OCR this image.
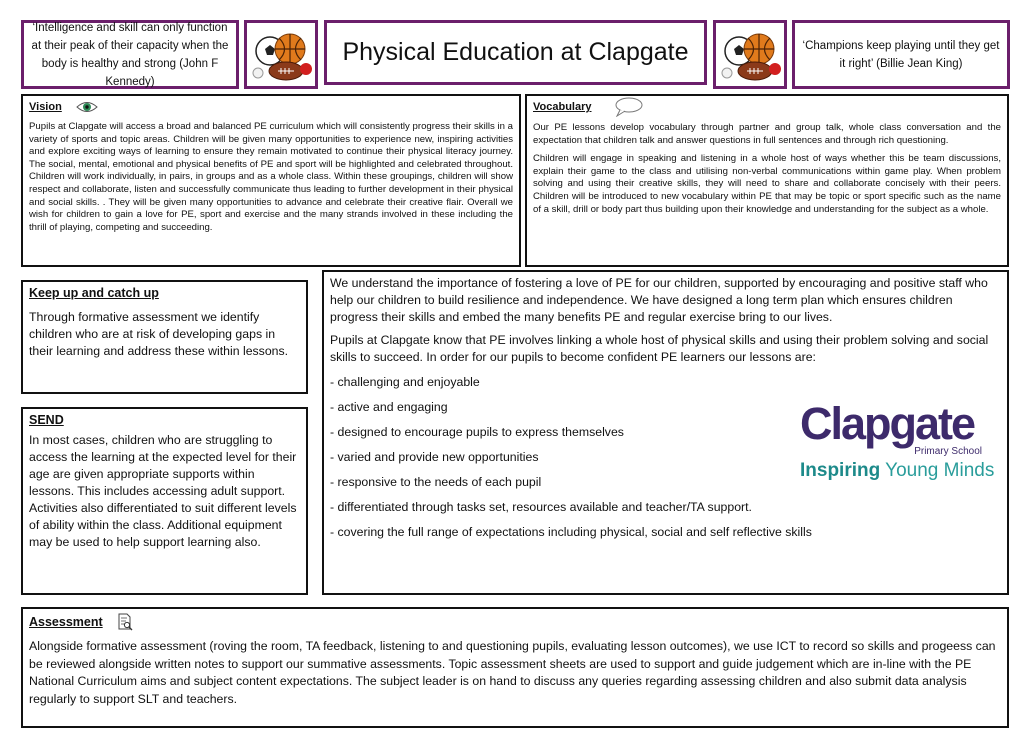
‘Intelligence and skill can only function at their peak of their capacity when the body is healthy and strong (John F Kennedy)
Physical Education at Clapgate	‘Champions keep playing until they get it right’ (Billie Jean King)
Vision
Pupils at Clapgate will access a broad and balanced PE curriculum which will consistently progress their skills in a variety of sports and topic areas. Children will be given many opportunities to experience new, inspiring activities and explore exciting ways of learning to ensure they remain motivated to continue their physical literacy journey. The social, mental, emotional and physical benefits of PE and sport will be highlighted and celebrated throughout. Children will work individually, in pairs, in groups and as a whole class. Within these groupings, children will show respect and collaborate, listen and successfully communicate thus leading to further development in their physical and social skills. . They will be given many opportunities to advance and celebrate their creative flair. Overall we wish for children to gain a love for PE, sport and exercise and the many strands involved in these including the thrill of playing, competing and succeeding.
Vocabulary

Our PE lessons develop vocabulary through partner and group talk, whole class conversation and the expectation that children talk and answer questions in full sentences and through rich questioning.

Children will engage in speaking and listening in a whole host of ways whether this be team discussions, explain their game to the class and utilising non-verbal communications within game play. When problem solving and using their creative skills, they will need to share and collaborate concisely with their peers. Children will be introduced to new vocabulary within PE that may be topic or sport specific such as the name of a skill, drill or body part thus building upon their knowledge and understanding for the subject as a whole.

Keep up and catch up
Through formative assessment we identify children who are at risk of developing gaps in their learning and address these within lessons.
SEND
In most cases, children who are struggling to access the learning at the expected level for their age are given appropriate supports within lessons. This includes accessing adult support. Activities also differentiated to suit different levels of ability within the class. Additional equipment may be used to help support learning also.

We understand the importance of fostering a love of PE for our children, supported by encouraging and positive staff who help our children to build resilience and independence. We have designed a long term plan which ensures children progress their skills and embed the many benefits PE and regular exercise bring to our lives.

Pupils at Clapgate know that PE involves linking a whole host of physical skills and using their problem solving and social skills to succeed. In order for our pupils to become confident PE learners our lessons are:

- challenging and enjoyable
- active and engaging
- designed to encourage pupils to express themselves
- varied and provide new opportunities
- responsive to the needs of each pupil
- differentiated through tasks set, resources available and teacher/TA support.
- covering the full range of expectations including physical, social and self reflective skills
Clapgate
Primary School
Inspiring Young Minds
Assessment
Alongside formative assessment (roving the room, TA feedback, listening to and questioning pupils, evaluating lesson outcomes), we use ICT to record so skills and progeess can be reviewed alongside written notes to support our summative assessments. Topic assessment sheets are used to support and guide judgement which are in-line with the PE National Curriculum aims and subject content expectations. The subject leader is on hand to discuss any queries regarding assessing children and also submit data analysis regularly to support SLT and teachers.
